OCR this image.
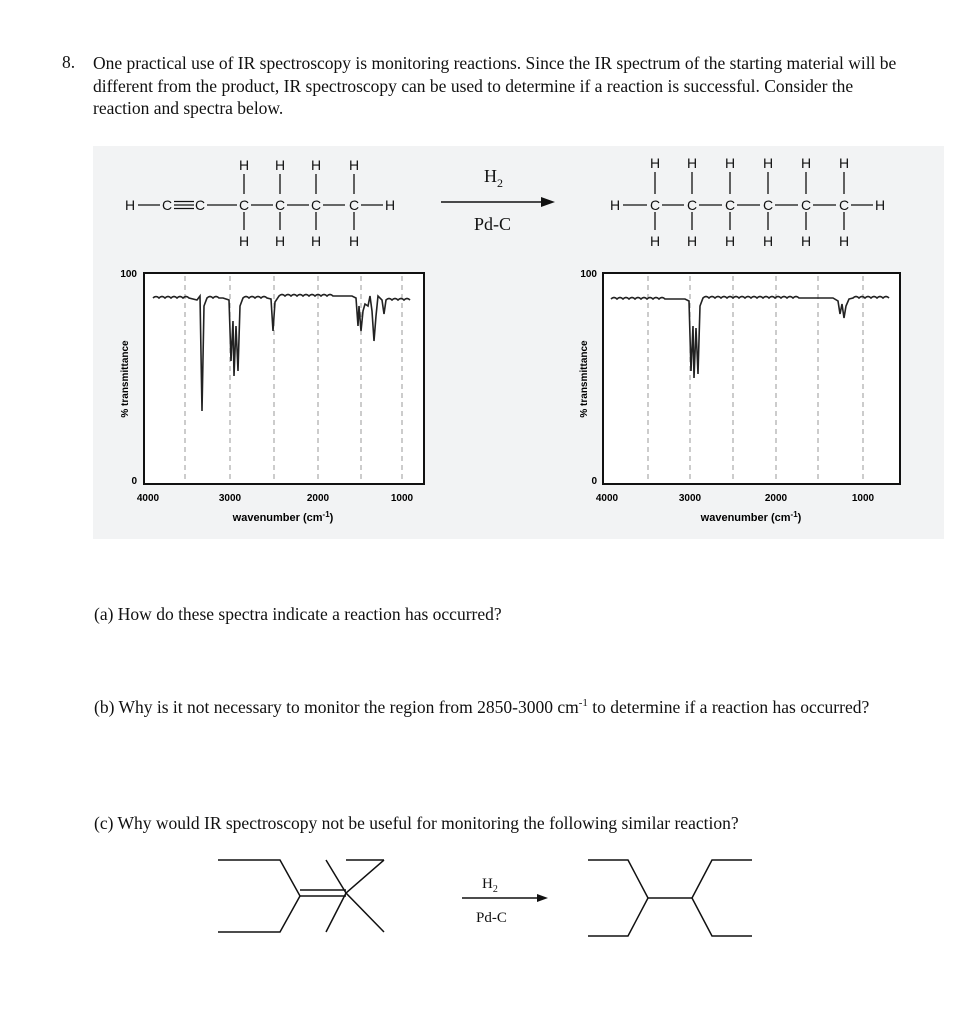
8. One practical use of IR spectroscopy is monitoring reactions. Since the IR spectrum of the starting material will be different from the product, IR spectroscopy can be used to determine if a reaction is successful. Consider the reaction and spectra below.
H C C C C C C H
H H H H
H H H H
$H_2$
Pd-C
H C C C C C C H
H H H H H H
H H H H H H
100
0
% transmittance
4000	3000	2000	1000
wavenumber $(cm^{-1})$
100
0
% transmittance
4000	3000	2000	1000
wavenumber $(cm^{-1})$
(a) How do these spectra indicate a reaction has occurred?
(b) Why is it not necessary to monitor the region from 2850-3000 $cm^{-1}$ to determine if a reaction has occurred?
(c) Why would IR spectroscopy not be useful for monitoring the following similar reaction?
$H_2$
Pd-C
